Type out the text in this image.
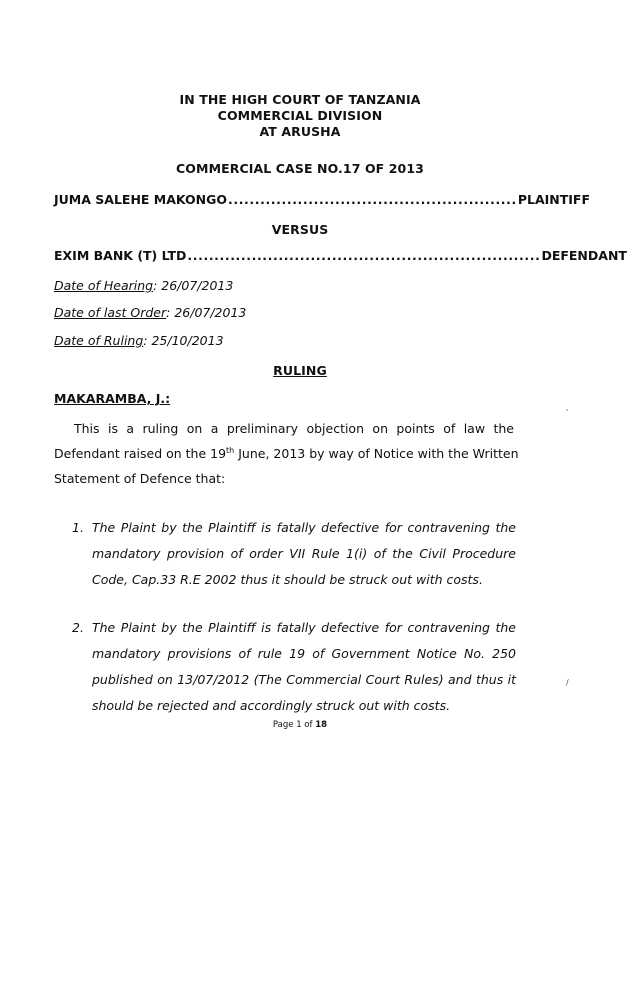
IN THE HIGH COURT OF TANZANIA
COMMERCIAL DIVISION
AT ARUSHA
COMMERCIAL CASE NO.17 OF 2013
JUMA SALEHE MAKONGO ...................................................... PLAINTIFF
VERSUS
EXIM BANK (T) LTD .................................................................. DEFENDANT
Date of Hearing: 26/07/2013
Date of last Order: 26/07/2013
Date of Ruling: 25/10/2013
RULING
MAKARAMBA, J.:
This is a ruling on a preliminary objection on points of law the
Defendant raised on the 19th June, 2013 by way of Notice with the Written
Statement of Defence that:
1. The Plaint by the Plaintiff is fatally defective for contravening the
mandatory provision of order VII Rule 1(i) of the Civil Procedure
Code, Cap.33 R.E 2002 thus it should be struck out with costs.
2. The Plaint by the Plaintiff is fatally defective for contravening the
mandatory provisions of rule 19 of Government Notice No. 250
published on 13/07/2012 (The Commercial Court Rules) and thus it
should be rejected and accordingly struck out with costs.
Page 1 of 18
'
/
